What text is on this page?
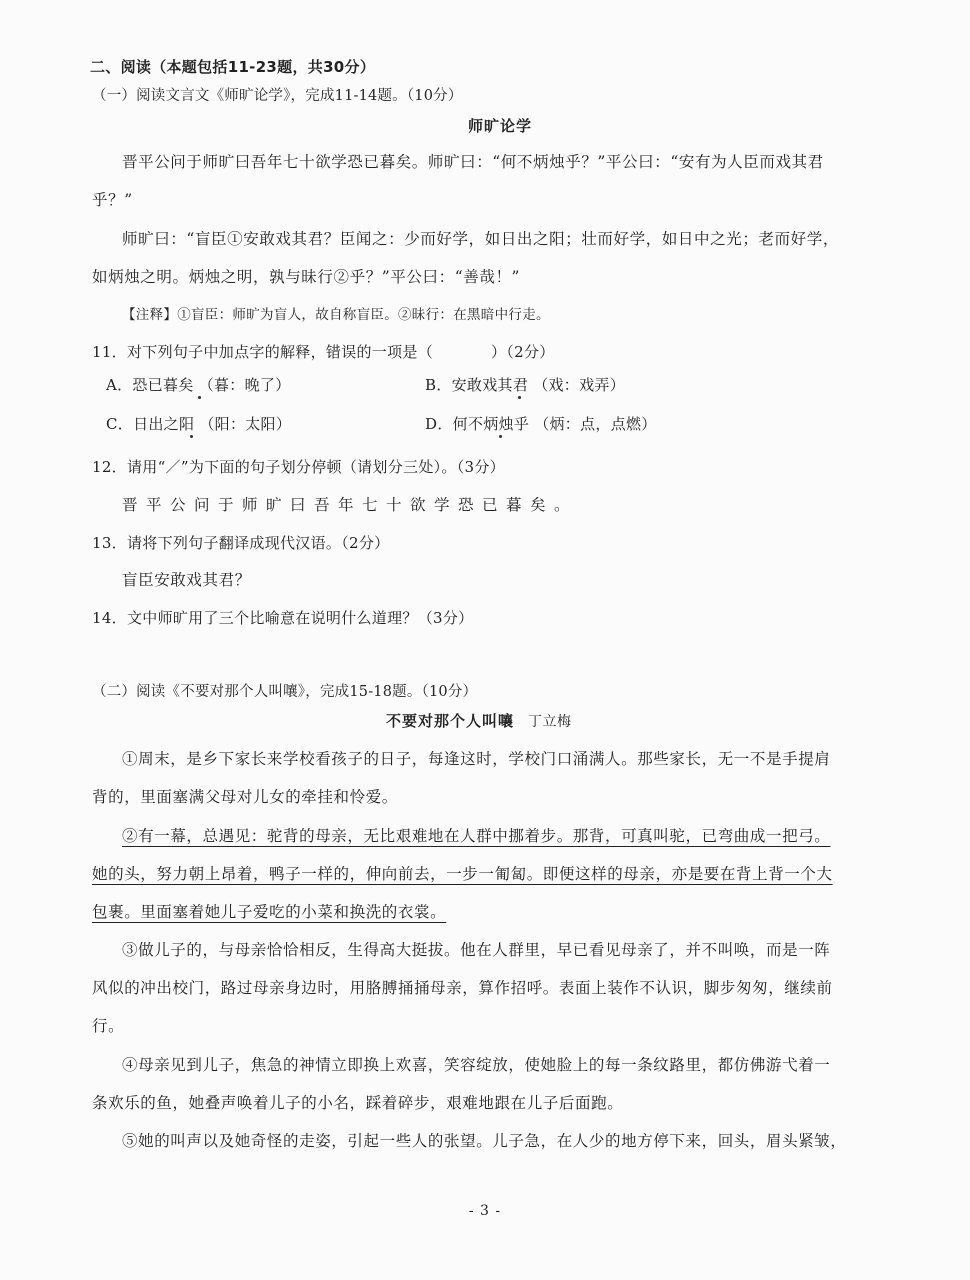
二、阅读（本题包括11-23题，共30分）
（一）阅读文言文《师旷论学》，完成11-14题。（10分）
师旷论学
晋平公问于师旷曰吾年七十欲学恐已暮矣。师旷曰：“何不炳烛乎？”平公曰：“安有为人臣而戏其君
乎？”
师旷曰：“盲臣①安敢戏其君？臣闻之：少而好学，如日出之阳；壮而好学，如日中之光；老而好学，
如炳烛之明。炳烛之明，孰与昧行②乎？”平公曰：“善哉！”
【注释】①盲臣：师旷为盲人，故自称盲臣。②昧行：在黑暗中行走。
11．对下列句子中加点字的解释，错误的一项是（	）（2分）
A．恐已暮矣 （暮：晚了）	B．安敢戏其君 （戏：戏弄）
C．日出之阳 （阳：太阳）	D．何不炳烛乎 （炳：点，点燃）
12．请用“／”为下面的句子划分停顿（请划分三处）。（3分）
晋平公问于师旷曰吾年七十欲学恐已暮矣。
13．请将下列句子翻译成现代汉语。（2分）
盲臣安敢戏其君？
14．文中师旷用了三个比喻意在说明什么道理？（3分）
（二）阅读《不要对那个人叫嚷》，完成15-18题。（10分）
不要对那个人叫嚷 丁立梅
①周末，是乡下家长来学校看孩子的日子，每逢这时，学校门口涌满人。那些家长，无一不是手提肩
背的，里面塞满父母对儿女的牵挂和怜爱。
②有一幕，总遇见：驼背的母亲，无比艰难地在人群中挪着步。那背，可真叫驼，已弯曲成一把弓。
她的头，努力朝上昂着，鸭子一样的，伸向前去，一步一匍匐。即便这样的母亲，亦是要在背上背一个大
包裹。里面塞着她儿子爱吃的小菜和换洗的衣裳。
③做儿子的，与母亲恰恰相反，生得高大挺拔。他在人群里，早已看见母亲了，并不叫唤，而是一阵
风似的冲出校门，路过母亲身边时，用胳膊捅捅母亲，算作招呼。表面上装作不认识，脚步匆匆，继续前
行。
④母亲见到儿子，焦急的神情立即换上欢喜，笑容绽放，使她脸上的每一条纹路里，都仿佛游弋着一
条欢乐的鱼，她叠声唤着儿子的小名，踩着碎步，艰难地跟在儿子后面跑。
⑤她的叫声以及她奇怪的走姿，引起一些人的张望。儿子急，在人少的地方停下来，回头，眉头紧皱，
- 3 -
